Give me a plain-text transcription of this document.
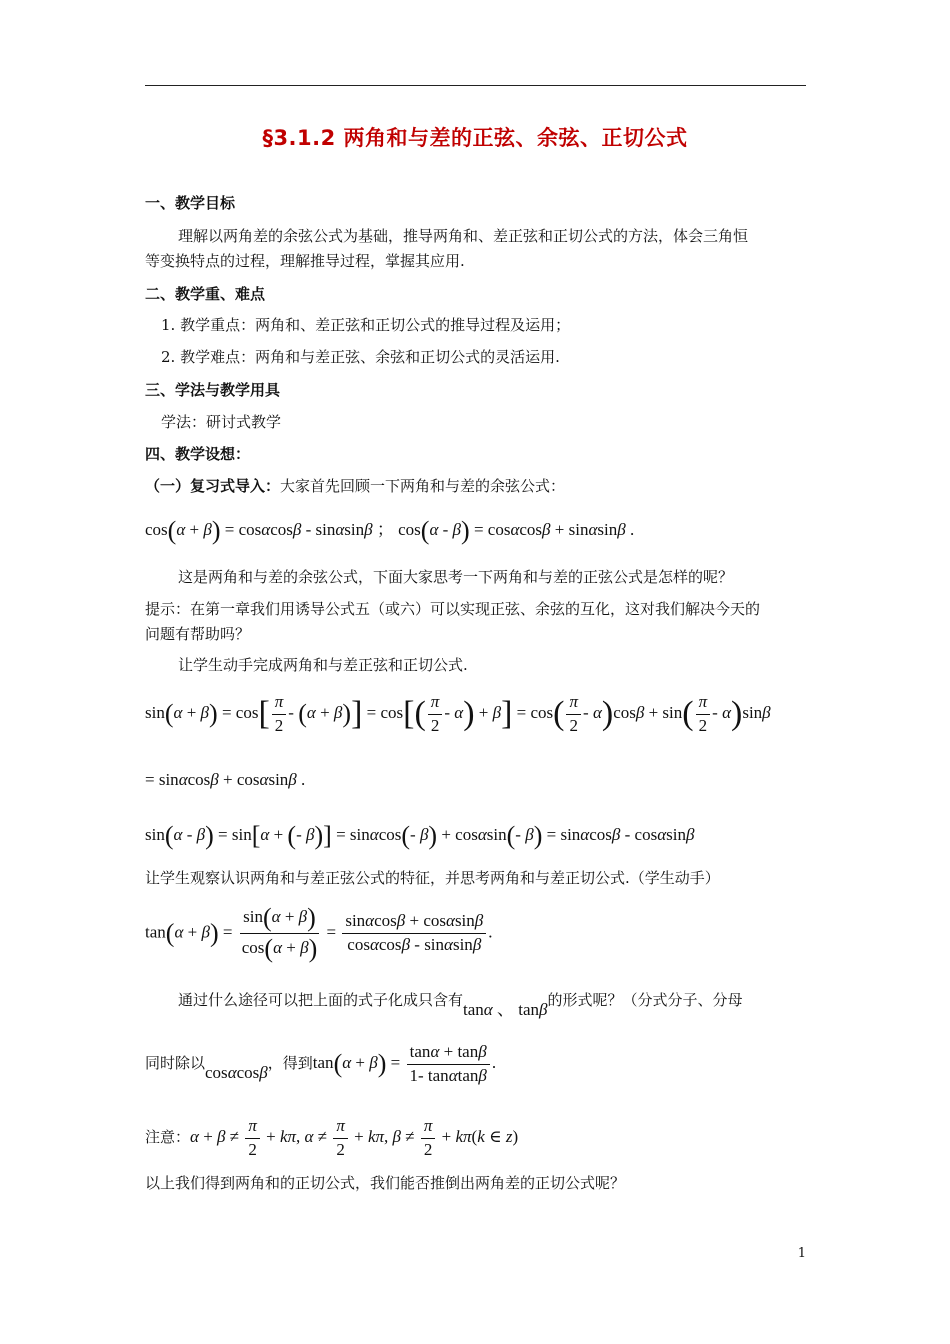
§3.1.2 两角和与差的正弦、余弦、正切公式
一、教学目标
理解以两角差的余弦公式为基础，推导两角和、差正弦和正切公式的方法，体会三角恒
等变换特点的过程，理解推导过程，掌握其应用.
二、教学重、难点
1. 教学重点：两角和、差正弦和正切公式的推导过程及运用；
2. 教学难点：两角和与差正弦、余弦和正切公式的灵活运用.
三、学法与教学用具
学法：研讨式教学
四、教学设想：
（一）复习式导入：大家首先回顾一下两角和与差的余弦公式：
cos(α + β) = cosαcosβ - sinαsinβ ； cos(α - β) = cosαcosβ + sinαsinβ .
这是两角和与差的余弦公式，下面大家思考一下两角和与差的正弦公式是怎样的呢？
提示：在第一章我们用诱导公式五（或六）可以实现正弦、余弦的互化，这对我们解决今天的
问题有帮助吗？
让学生动手完成两角和与差正弦和正切公式.
$\sin(\alpha + \beta) = \cos[ \frac{\pi}{2} - (\alpha + \beta)] = \cos[( \frac{\pi}{2} - \alpha) + \beta] = \cos( \frac{\pi}{2} - \alpha)\cos\beta + \sin( \frac{\pi}{2} - \alpha)\sin\beta$
= sinαcosβ + cosαsinβ .
sin(α - β) = sin[α + (- β)] = sinαcos(- β) + cosαsin(- β) = sinαcosβ - cosαsinβ
让学生观察认识两角和与差正弦公式的特征，并思考两角和与差正切公式.（学生动手）
$\tan(\alpha + \beta) = \frac{\sin(\alpha + \beta)}{\cos(\alpha + \beta)} = \frac{\sin\alpha\cos\beta + \cos\alpha\sin\beta}{\cos\alpha\cos\beta - \sin\alpha\sin\beta}$ .
通过什么途径可以把上面的式子化成只含有tanα 、 tanβ的形式呢？（分式分子、分母
同时除以cosαcosβ，得到$\tan(\alpha + \beta) = \frac{\tan\alpha + \tan\beta}{1- \tan\alpha\tan\beta}$ .
注意：$\alpha + \beta \ne \frac{\pi}{2} + k\pi$, $\alpha \ne \frac{\pi}{2} + k\pi$, $\beta \ne \frac{\pi}{2} + k\pi(k$ ∈ z)
以上我们得到两角和的正切公式，我们能否推倒出两角差的正切公式呢？
1
